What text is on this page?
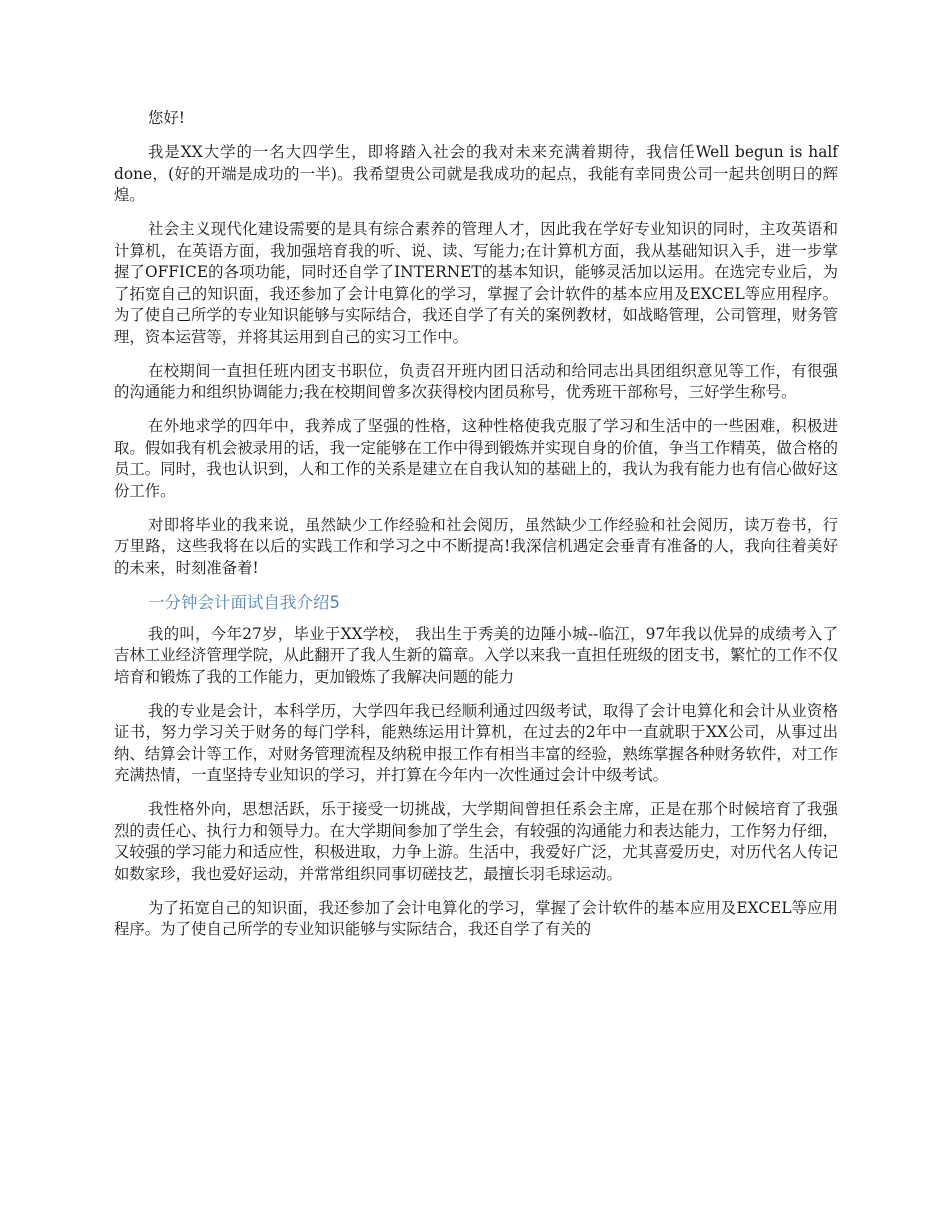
您好!

我是XX大学的一名大四学生，即将踏入社会的我对未来充满着期待，我信任Well begun is half done，(好的开端是成功的一半)。我希望贵公司就是我成功的起点，我能有幸同贵公司一起共创明日的辉煌。

社会主义现代化建设需要的是具有综合素养的管理人才，因此我在学好专业知识的同时，主攻英语和计算机，在英语方面，我加强培育我的听、说、读、写能力;在计算机方面，我从基础知识入手，进一步掌握了OFFICE的各项功能，同时还自学了INTERNET的基本知识，能够灵活加以运用。在选完专业后，为了拓宽自己的知识面，我还参加了会计电算化的学习，掌握了会计软件的基本应用及EXCEL等应用程序。为了使自己所学的专业知识能够与实际结合，我还自学了有关的案例教材，如战略管理，公司管理，财务管理，资本运营等，并将其运用到自己的实习工作中。

在校期间一直担任班内团支书职位，负责召开班内团日活动和给同志出具团组织意见等工作，有很强的沟通能力和组织协调能力;我在校期间曾多次获得校内团员称号，优秀班干部称号，三好学生称号。

在外地求学的四年中，我养成了坚强的性格，这种性格使我克服了学习和生活中的一些困难，积极进取。假如我有机会被录用的话，我一定能够在工作中得到锻炼并实现自身的价值，争当工作精英，做合格的员工。同时，我也认识到，人和工作的关系是建立在自我认知的基础上的，我认为我有能力也有信心做好这份工作。

对即将毕业的我来说，虽然缺少工作经验和社会阅历，虽然缺少工作经验和社会阅历，读万卷书，行万里路，这些我将在以后的实践工作和学习之中不断提高!我深信机遇定会垂青有准备的人，我向往着美好的未来，时刻准备着!

一分钟会计面试自我介绍5

我的叫，今年27岁，毕业于XX学校， 我出生于秀美的边陲小城--临江，97年我以优异的成绩考入了吉林工业经济管理学院，从此翻开了我人生新的篇章。入学以来我一直担任班级的团支书，繁忙的工作不仅培育和锻炼了我的工作能力，更加锻炼了我解决问题的能力

我的专业是会计，本科学历，大学四年我已经顺利通过四级考试，取得了会计电算化和会计从业资格证书，努力学习关于财务的每门学科，能熟练运用计算机，在过去的2年中一直就职于XX公司，从事过出纳、结算会计等工作，对财务管理流程及纳税申报工作有相当丰富的经验，熟练掌握各种财务软件，对工作充满热情，一直坚持专业知识的学习，并打算在今年内一次性通过会计中级考试。

我性格外向，思想活跃，乐于接受一切挑战，大学期间曾担任系会主席，正是在那个时候培育了我强烈的责任心、执行力和领导力。在大学期间参加了学生会，有较强的沟通能力和表达能力，工作努力仔细，又较强的学习能力和适应性，积极进取，力争上游。生活中，我爱好广泛，尤其喜爱历史，对历代名人传记如数家珍，我也爱好运动，并常常组织同事切磋技艺，最擅长羽毛球运动。

为了拓宽自己的知识面，我还参加了会计电算化的学习，掌握了会计软件的基本应用及EXCEL等应用程序。为了使自己所学的专业知识能够与实际结合，我还自学了有关的
